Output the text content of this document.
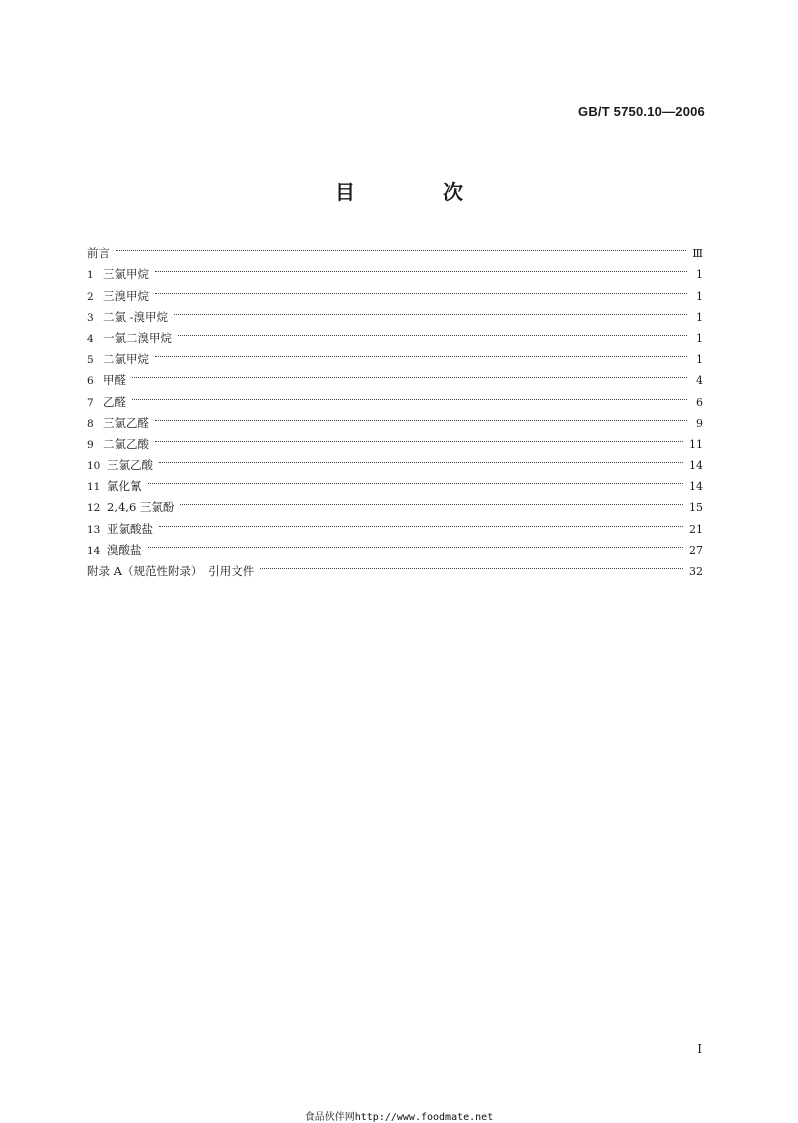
GB/T 5750.10—2006
目　次
前言	Ⅲ
1 三氯甲烷	1
2 三溴甲烷	1
3 二氯 -溴甲烷	1
4 一氯二溴甲烷	1
5 二氯甲烷	1
6 甲醛	4
7 乙醛	6
8 三氯乙醛	9
9 二氯乙酸	11
10 三氯乙酸	14
11 氯化氰	14
12 2,4,6 三氯酚	15
13 亚氯酸盐	21
14 溴酸盐	27
附录 A（规范性附录）　引用文件	32
Ⅰ
食品伙伴网http://www.foodmate.net
